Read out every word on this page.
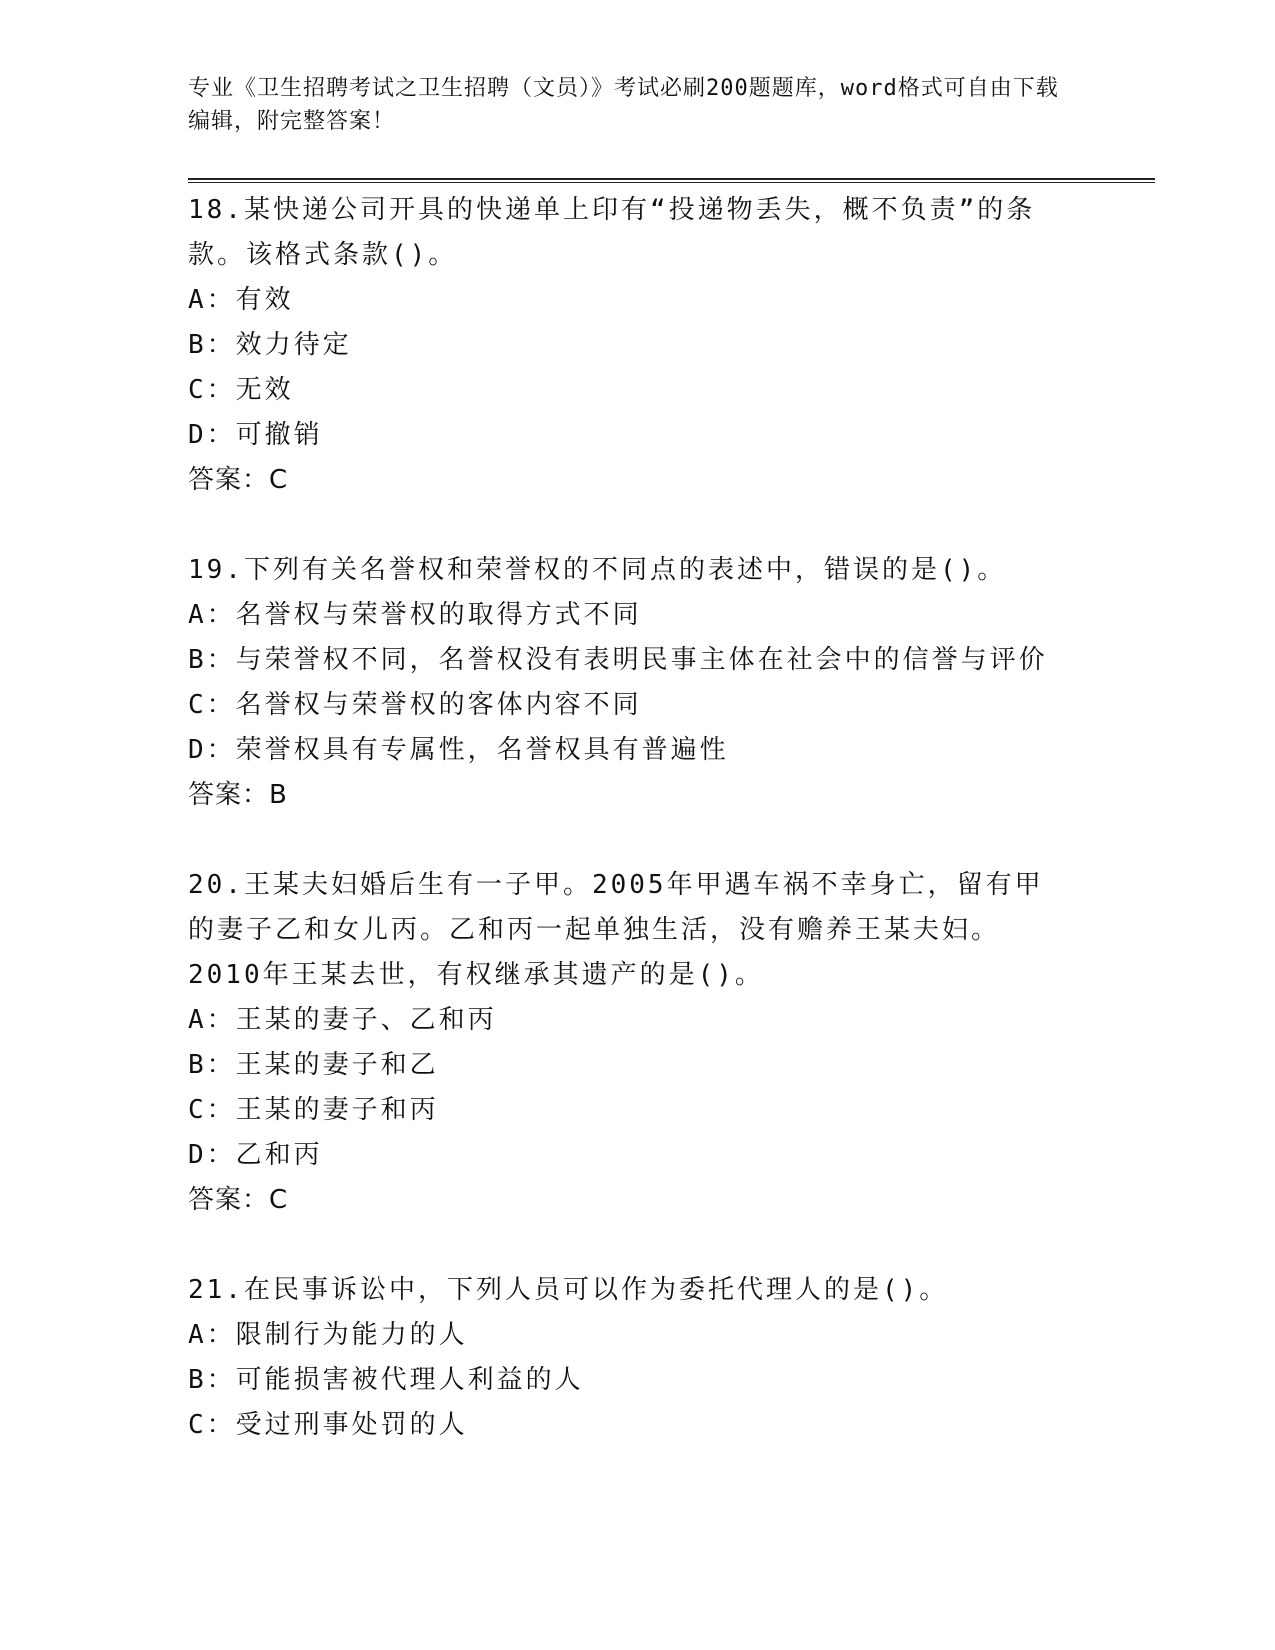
专业《卫生招聘考试之卫生招聘（文员）》考试必刷200题题库，word格式可自由下载编辑，附完整答案！
18.某快递公司开具的快递单上印有“投递物丢失，概不负责”的条款。该格式条款()。
A：有效
B：效力待定
C：无效
D：可撤销
答案：C
19.下列有关名誉权和荣誉权的不同点的表述中，错误的是()。
A：名誉权与荣誉权的取得方式不同
B：与荣誉权不同，名誉权没有表明民事主体在社会中的信誉与评价
C：名誉权与荣誉权的客体内容不同
D：荣誉权具有专属性，名誉权具有普遍性
答案：B
20.王某夫妇婚后生有一子甲。2005年甲遇车祸不幸身亡，留有甲的妻子乙和女儿丙。乙和丙一起单独生活，没有赡养王某夫妇。2010年王某去世，有权继承其遗产的是()。
A：王某的妻子、乙和丙
B：王某的妻子和乙
C：王某的妻子和丙
D：乙和丙
答案：C
21.在民事诉讼中，下列人员可以作为委托代理人的是()。
A：限制行为能力的人
B：可能损害被代理人利益的人
C：受过刑事处罚的人
